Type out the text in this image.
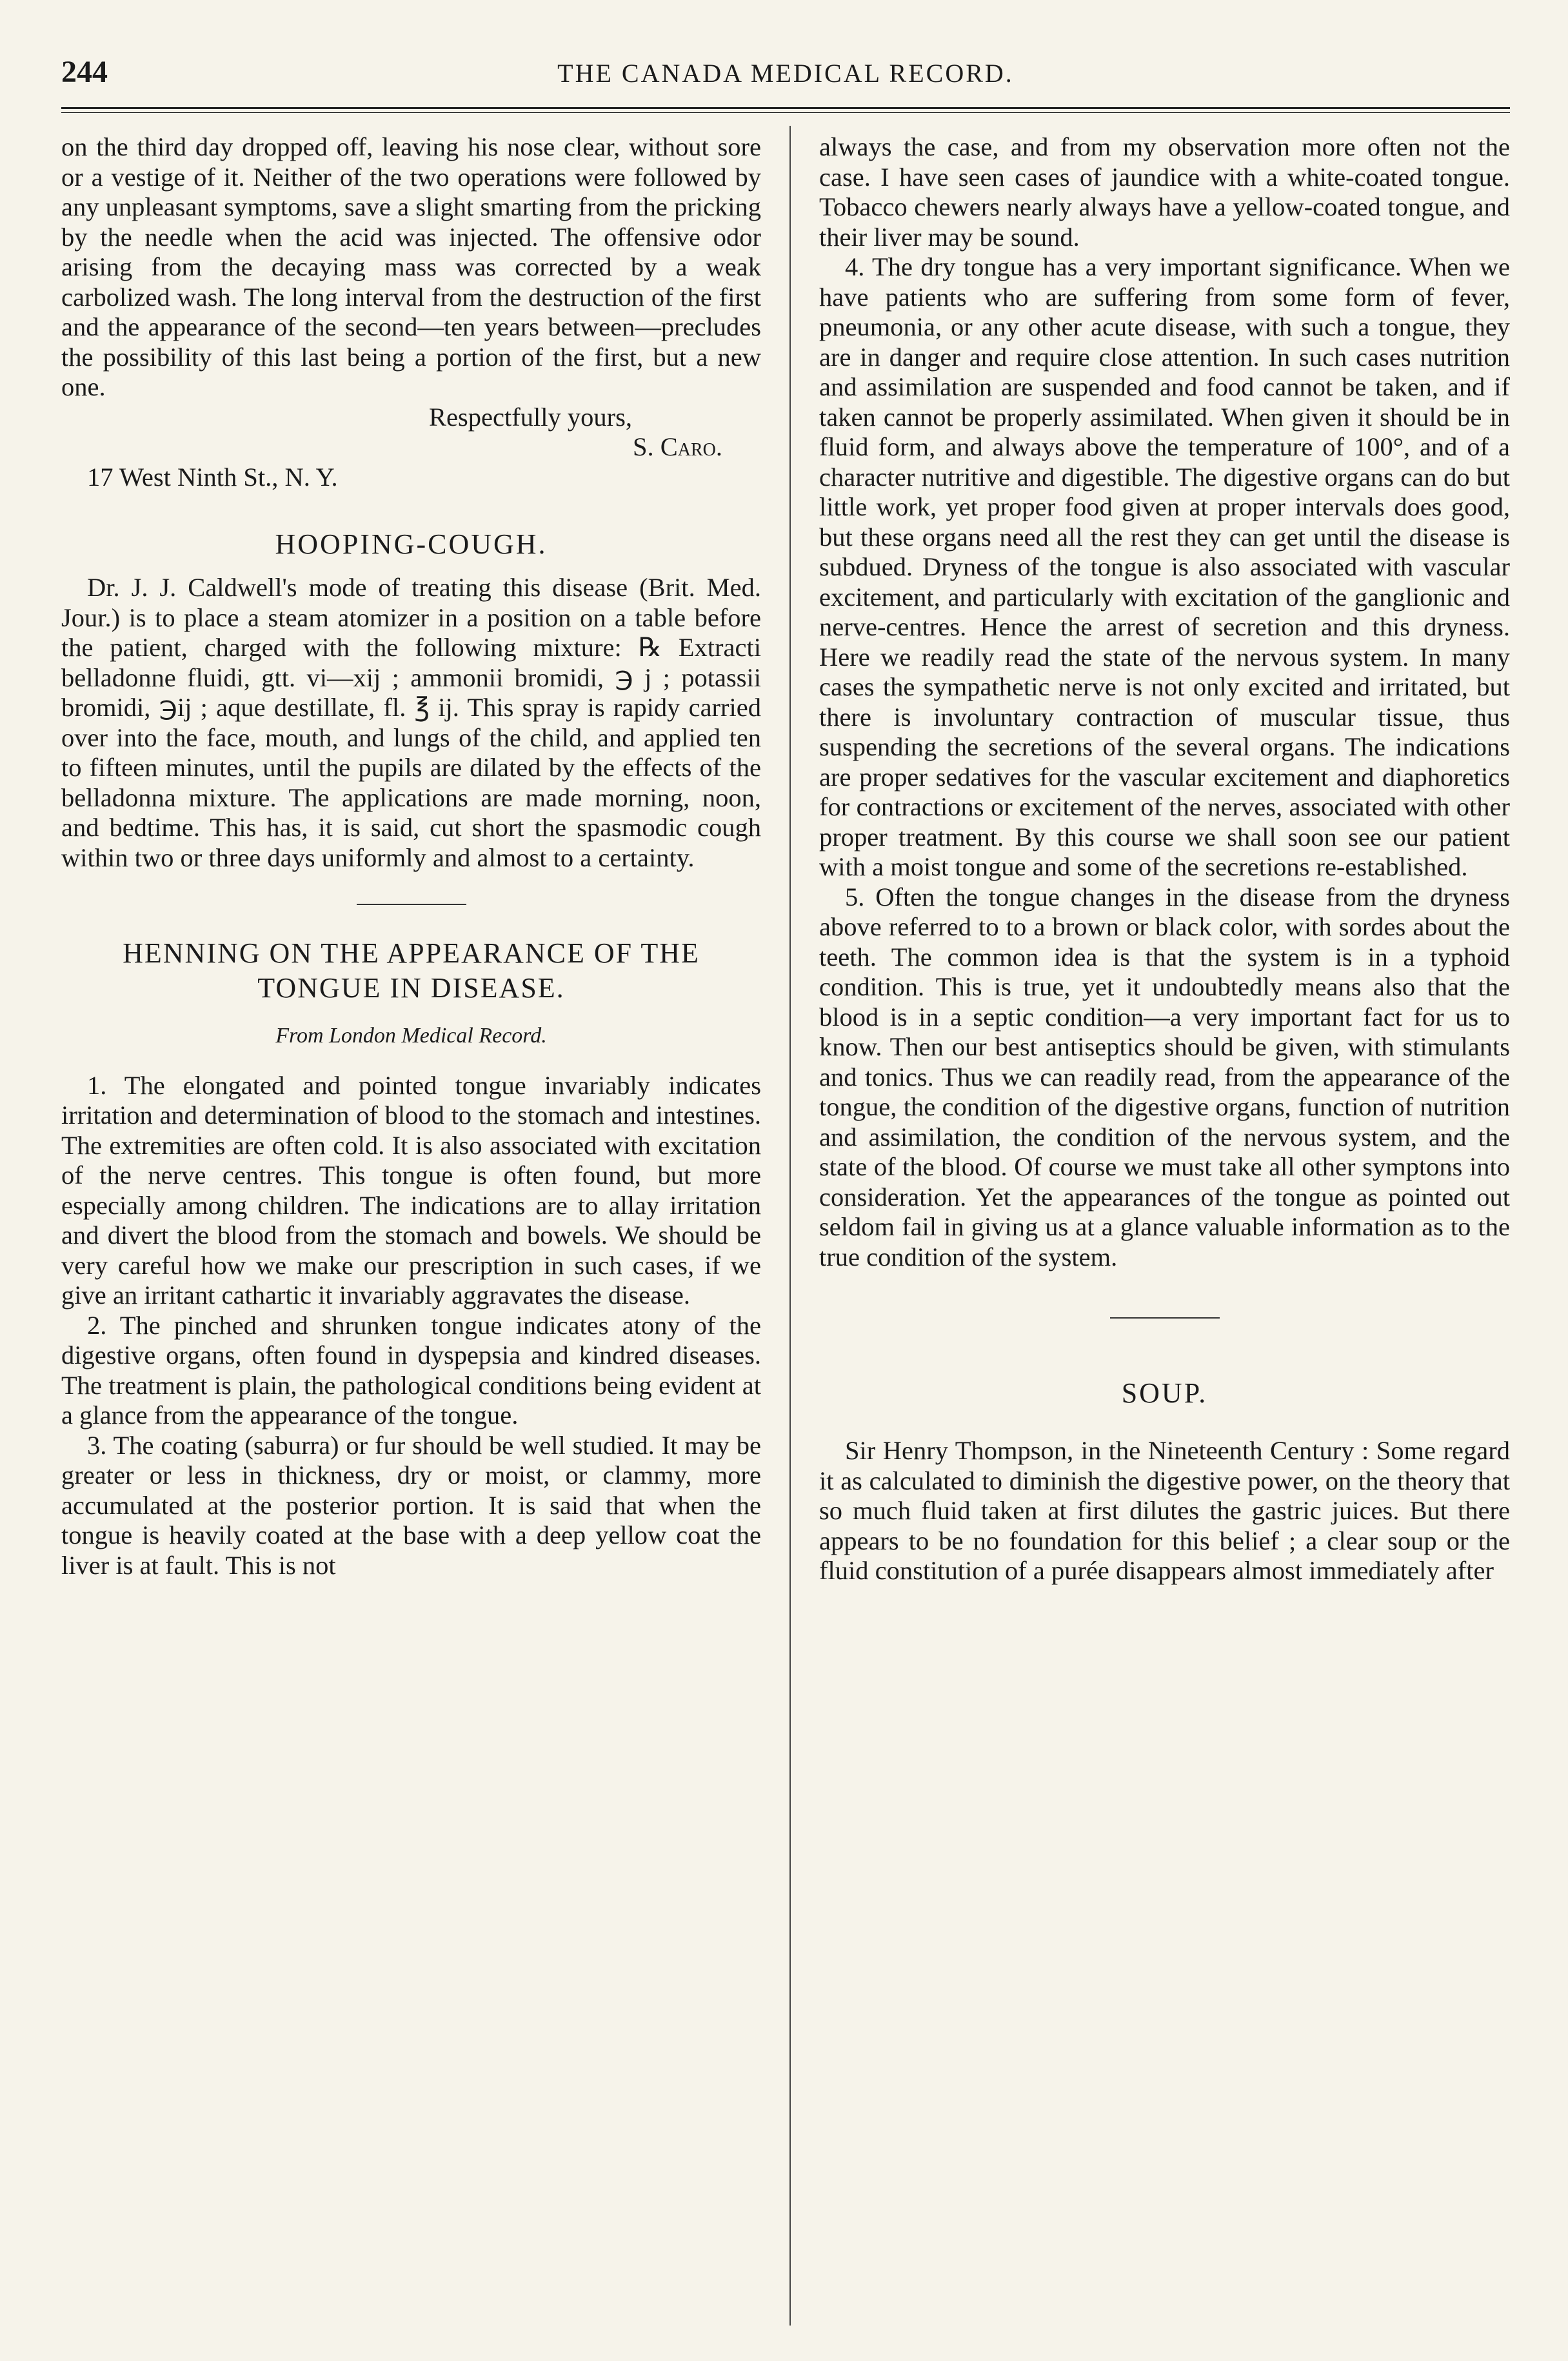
244	THE CANADA MEDICAL RECORD.

on the third day dropped off, leaving his nose clear, without sore or a vestige of it. Neither of the two operations were followed by any unpleasant symptoms, save a slight smarting from the pricking by the needle when the acid was injected. The offensive odor arising from the decaying mass was corrected by a weak carbolized wash. The long interval from the destruction of the first and the appearance of the second—ten years between—precludes the possibility of this last being a portion of the first, but a new one.

Respectfully yours,

S. Caro.

17 West Ninth St., N. Y.

HOOPING-COUGH.

Dr. J. J. Caldwell's mode of treating this disease (Brit. Med. Jour.) is to place a steam atomizer in a position on a table before the patient, charged with the following mixture: ℞ Extracti belladonne fluidi, gtt. vi—xij ; ammonii bromidi, ℈ j ; potassii bromidi, ℈ij ; aque destillate, fl. ℥ ij. This spray is rapidy carried over into the face, mouth, and lungs of the child, and applied ten to fifteen minutes, until the pupils are dilated by the effects of the belladonna mixture. The applications are made morning, noon, and bedtime. This has, it is said, cut short the spasmodic cough within two or three days uniformly and almost to a certainty.

HENNING ON THE APPEARANCE OF THE TONGUE IN DISEASE.
From London Medical Record.

1. The elongated and pointed tongue invariably indicates irritation and determination of blood to the stomach and intestines. The extremities are often cold. It is also associated with excitation of the nerve centres. This tongue is often found, but more especially among children. The indications are to allay irritation and divert the blood from the stomach and bowels. We should be very careful how we make our prescription in such cases, if we give an irritant cathartic it invariably aggravates the disease.

2. The pinched and shrunken tongue indicates atony of the digestive organs, often found in dyspepsia and kindred diseases. The treatment is plain, the pathological conditions being evident at a glance from the appearance of the tongue.

3. The coating (saburra) or fur should be well studied. It may be greater or less in thickness, dry or moist, or clammy, more accumulated at the posterior portion. It is said that when the tongue is heavily coated at the base with a deep yellow coat the liver is at fault. This is not

always the case, and from my observation more often not the case. I have seen cases of jaundice with a white-coated tongue. Tobacco chewers nearly always have a yellow-coated tongue, and their liver may be sound.

4. The dry tongue has a very important significance. When we have patients who are suffering from some form of fever, pneumonia, or any other acute disease, with such a tongue, they are in danger and require close attention. In such cases nutrition and assimilation are suspended and food cannot be taken, and if taken cannot be properly assimilated. When given it should be in fluid form, and always above the temperature of 100°, and of a character nutritive and digestible. The digestive organs can do but little work, yet proper food given at proper intervals does good, but these organs need all the rest they can get until the disease is subdued. Dryness of the tongue is also associated with vascular excitement, and particularly with excitation of the ganglionic and nerve-centres. Hence the arrest of secretion and this dryness. Here we readily read the state of the nervous system. In many cases the sympathetic nerve is not only excited and irritated, but there is involuntary contraction of muscular tissue, thus suspending the secretions of the several organs. The indications are proper sedatives for the vascular excitement and diaphoretics for contractions or excitement of the nerves, associated with other proper treatment. By this course we shall soon see our patient with a moist tongue and some of the secretions re-established.

5. Often the tongue changes in the disease from the dryness above referred to to a brown or black color, with sordes about the teeth. The common idea is that the system is in a typhoid condition. This is true, yet it undoubtedly means also that the blood is in a septic condition—a very important fact for us to know. Then our best antiseptics should be given, with stimulants and tonics. Thus we can readily read, from the appearance of the tongue, the condition of the digestive organs, function of nutrition and assimilation, the condition of the nervous system, and the state of the blood. Of course we must take all other symptons into consideration. Yet the appearances of the tongue as pointed out seldom fail in giving us at a glance valuable information as to the true condition of the system.

SOUP.

Sir Henry Thompson, in the Nineteenth Century : Some regard it as calculated to diminish the digestive power, on the theory that so much fluid taken at first dilutes the gastric juices. But there appears to be no foundation for this belief ; a clear soup or the fluid constitution of a purée disappears almost immediately after
